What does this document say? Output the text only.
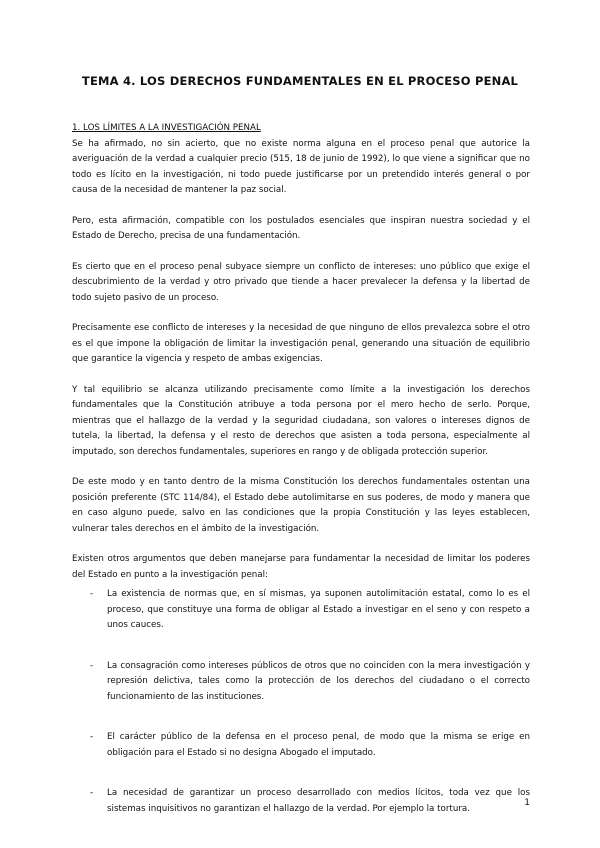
TEMA 4. LOS DERECHOS FUNDAMENTALES EN EL PROCESO PENAL

1. LOS LÍMITES A LA INVESTIGACIÓN PENAL

Se ha afirmado, no sin acierto, que no existe norma alguna en el proceso penal que autorice la averiguación de la verdad a cualquier precio (515, 18 de junio de 1992), lo que viene a significar que no todo es lícito en la investigación, ni todo puede justificarse por un pretendido interés general o por causa de la necesidad de mantener la paz social.

Pero, esta afirmación, compatible con los postulados esenciales que inspiran nuestra sociedad y el Estado de Derecho, precisa de una fundamentación.

Es cierto que en el proceso penal subyace siempre un conflicto de intereses: uno público que exige el descubrimiento de la verdad y otro privado que tiende a hacer prevalecer la defensa y la libertad de todo sujeto pasivo de un proceso.

Precisamente ese conflicto de intereses y la necesidad de que ninguno de ellos prevalezca sobre el otro es el que impone la obligación de limitar la investigación penal, generando una situación de equilibrio que garantice la vigencia y respeto de ambas exigencias.

Y tal equilibrio se alcanza utilizando precisamente como límite a la investigación los derechos fundamentales que la Constitución atribuye a toda persona por el mero hecho de serlo. Porque, mientras que el hallazgo de la verdad y la seguridad ciudadana, son valores o intereses dignos de tutela, la libertad, la defensa y el resto de derechos que asisten a toda persona, especialmente al imputado, son derechos fundamentales, superiores en rango y de obligada protección superior.

De este modo y en tanto dentro de la misma Constitución los derechos fundamentales ostentan una posición preferente (STC 114/84), el Estado debe autolimitarse en sus poderes, de modo y manera que en caso alguno puede, salvo en las condiciones que la propia Constitución y las leyes establecen, vulnerar tales derechos en el ámbito de la investigación.

Existen otros argumentos que deben manejarse para fundamentar la necesidad de limitar los poderes del Estado en punto a la investigación penal:

- La existencia de normas que, en sí mismas, ya suponen autolimitación estatal, como lo es el proceso, que constituye una forma de obligar al Estado a investigar en el seno y con respeto a unos cauces.
- La consagración como intereses públicos de otros que no coinciden con la mera investigación y represión delictiva, tales como la protección de los derechos del ciudadano o el correcto funcionamiento de las instituciones.
- El carácter público de la defensa en el proceso penal, de modo que la misma se erige en obligación para el Estado si no designa Abogado el imputado.
- La necesidad de garantizar un proceso desarrollado con medios lícitos, toda vez que los sistemas inquisitivos no garantizan el hallazgo de la verdad. Por ejemplo la tortura.
1
